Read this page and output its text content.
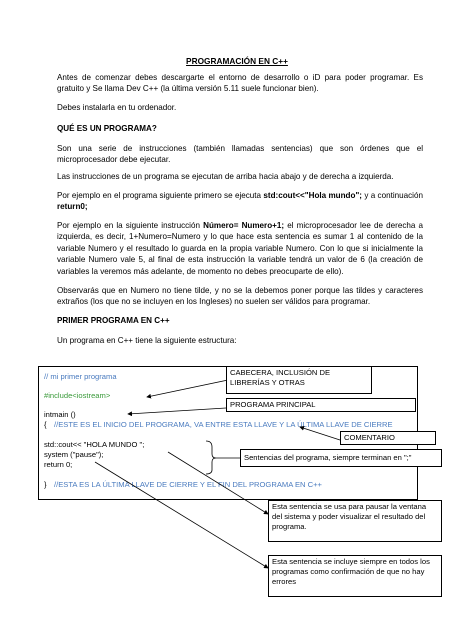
PROGRAMACIÓN EN C++

Antes de comenzar debes descargarte el entorno de desarrollo o iD para poder programar. Es gratuito y Se llama Dev C++ (la última versión 5.11 suele funcionar bien).

Debes instalarla en tu ordenador.

QUÉ ES UN PROGRAMA?

Son una serie de instrucciones (también llamadas sentencias) que son órdenes que el microprocesador debe ejecutar.

Las instrucciones de un programa se ejecutan de arriba hacia abajo y de derecha a izquierda.

Por ejemplo en el programa siguiente primero se ejecuta std:cout<<"Hola mundo"; y a continuación return0;

Por ejemplo en la siguiente instrucción Número= Numero+1; el microprocesador lee de derecha a izquierda, es decir, 1+Numero=Numero y lo que hace esta sentencia es sumar 1 al contenido de la variable Numero y el resultado lo guarda en la propia variable Numero. Con lo que si inicialmente la variable Numero vale 5, al final de esta instrucción la variable tendrá un valor de 6 (la creación de variables la veremos más adelante, de momento no debes preocuparte de ello).

Observarás que en Numero no tiene tilde, y no se la debemos poner porque las tildes y caracteres extraños (los que no se incluyen en los Ingleses) no suelen ser válidos para programar.

PRIMER PROGRAMA EN C++

Un programa en C++ tiene la siguiente estructura:

// mi primer programa

#include<iostream>

intmain ()

{ //ESTE ES EL INICIO DEL PROGRAMA, VA ENTRE ESTA LLAVE Y LA ÚLTIMA LLAVE DE CIERRE

std::cout<< "HOLA MUNDO ";

system ("pause");

return 0;

} //ESTA ES LA ÚLTIMA LLAVE DE CIERRE Y EL FIN DEL PROGRAMA EN C++

CABECERA, INCLUSIÓN DE LIBRERÍAS Y OTRAS
PROGRAMA PRINCIPAL
COMENTARIO
Sentencias del programa, siempre terminan en ";"
Esta sentencia se usa para pausar la ventana del sistema y poder visualizar el resultado del programa.
Esta sentencia se incluye siempre en todos los programas como confirmación de que no hay errores
